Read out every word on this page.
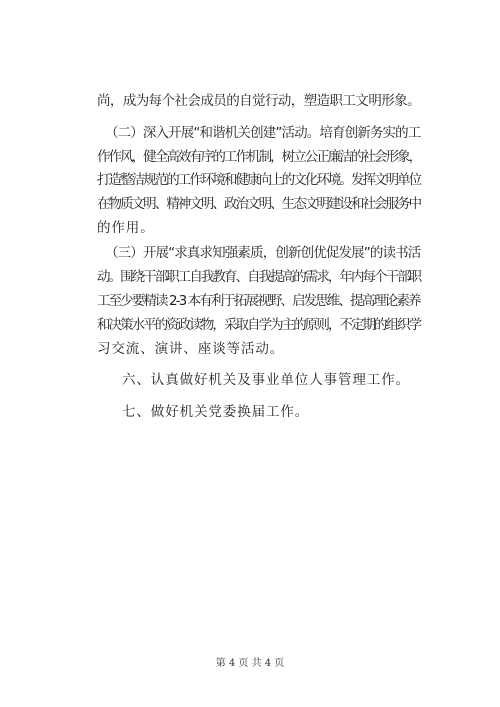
尚，成为每个社会成员的自觉行动，塑造职工文明形象。
（二）深入开展“和谐机关创建”活动。培育创新务实的工
作作风，健全高效有序的工作机制，树立公正廉洁的社会形象，
打造整洁规范的工作环境和健康向上的文化环境。发挥文明单位
在物质文明、精神文明、政治文明、生态文明建设和社会服务中
的作用。
（三）开展“求真求知强素质，创新创优促发展”的读书活
动。围绕干部职工自我教育、自我提高的需求，年内每个干部职
工至少要精读 2-3 本有利于拓展视野、启发思维、提高理论素养
和决策水平的资政读物，采取自学为主的原则，不定期的组织学
习交流、演讲、座谈等活动。
六、认真做好机关及事业单位人事管理工作。
七、做好机关党委换届工作。
第 4 页 共 4 页
